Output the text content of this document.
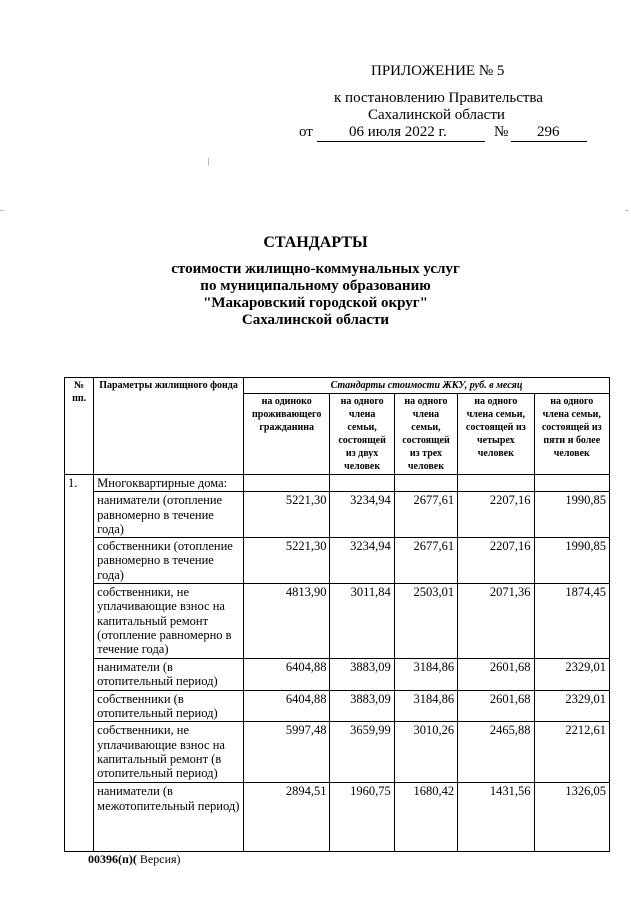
ПРИЛОЖЕНИЕ № 5
к постановлению Правительства
Сахалинской области
от 06 июля 2022 г.	№ 296
СТАНДАРТЫ
стоимости жилищно-коммунальных услуг
по муниципальному образованию
"Макаровский городской округ"
Сахалинской области
№ пп.	Параметры жилищного фонда	Стандарты стоимости ЖКУ, руб. в месяц				
		на одиноко проживающего гражданина	на одного члена семьи, состоящей из двух человек	на одного члена семьи, состоящей из трех человек	на одного члена семьи, состоящей из четырех человек	на одного члена семьи, состоящей из пяти и более человек
1.	Многоквартирные дома:					
	наниматели (отопление равномерно в течение года)	5221,30	3234,94	2677,61	2207,16	1990,85
	собственники (отопление равномерно в течение года)	5221,30	3234,94	2677,61	2207,16	1990,85
	собственники, не уплачивающие взнос на капитальный ремонт (отопление равномерно в течение года)	4813,90	3011,84	2503,01	2071,36	1874,45
	наниматели (в отопительный период)	6404,88	3883,09	3184,86	2601,68	2329,01
	собственники (в отопительный период)	6404,88	3883,09	3184,86	2601,68	2329,01
	собственники, не уплачивающие взнос на капитальный ремонт (в отопительный период)	5997,48	3659,99	3010,26	2465,88	2212,61
	наниматели (в межотопительный период)	2894,51	1960,75	1680,42	1431,56	1326,05
00396(п)( Версия)
